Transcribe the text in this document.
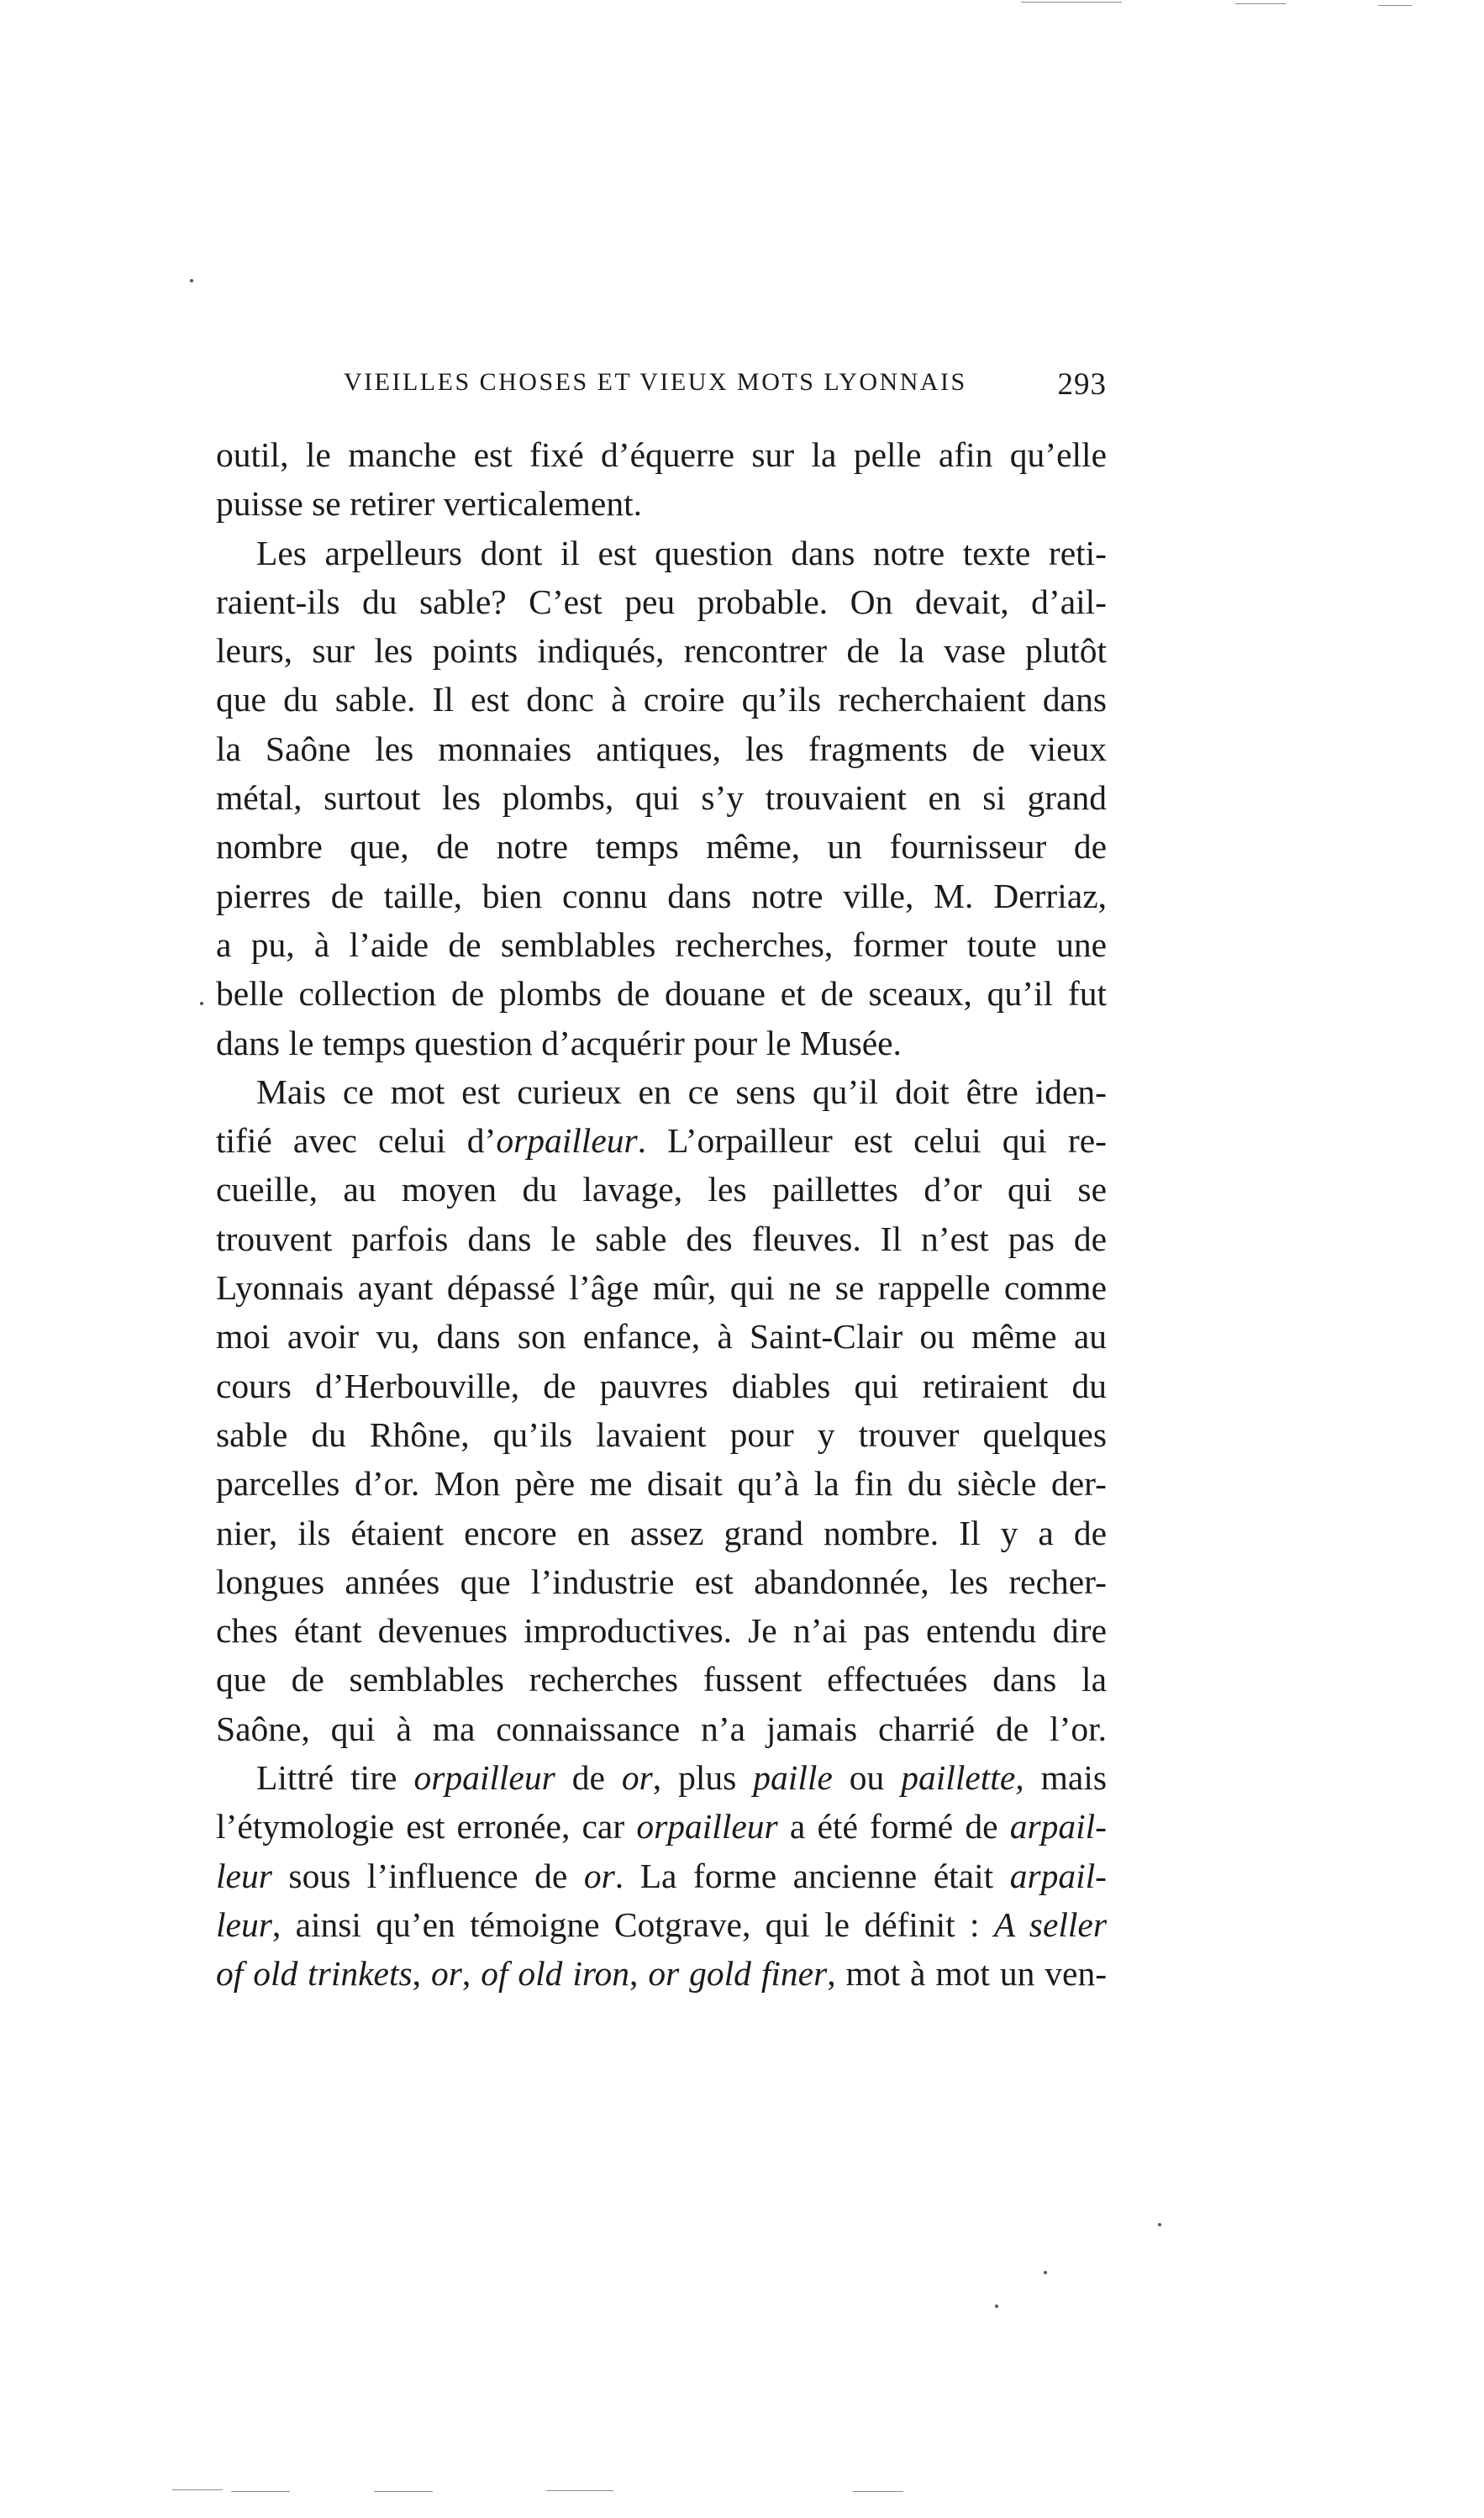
VIEILLES CHOSES ET VIEUX MOTS LYONNAIS	293
outil, le manche est fixé d’équerre sur la pelle afin qu’elle
puisse se retirer verticalement.
Les arpelleurs dont il est question dans notre texte reti-
raient-ils du sable? C’est peu probable. On devait, d’ail-
leurs, sur les points indiqués, rencontrer de la vase plutôt
que du sable. Il est donc à croire qu’ils recherchaient dans
la Saône les monnaies antiques, les fragments de vieux
métal, surtout les plombs, qui s’y trouvaient en si grand
nombre que, de notre temps même, un fournisseur de
pierres de taille, bien connu dans notre ville, M. Derriaz,
a pu, à l’aide de semblables recherches, former toute une
belle collection de plombs de douane et de sceaux, qu’il fut
dans le temps question d’acquérir pour le Musée.
Mais ce mot est curieux en ce sens qu’il doit être iden-
tifié avec celui d’orpailleur. L’orpailleur est celui qui re-
cueille, au moyen du lavage, les paillettes d’or qui se
trouvent parfois dans le sable des fleuves. Il n’est pas de
Lyonnais ayant dépassé l’âge mûr, qui ne se rappelle comme
moi avoir vu, dans son enfance, à Saint-Clair ou même au
cours d’Herbouville, de pauvres diables qui retiraient du
sable du Rhône, qu’ils lavaient pour y trouver quelques
parcelles d’or. Mon père me disait qu’à la fin du siècle der-
nier, ils étaient encore en assez grand nombre. Il y a de
longues années que l’industrie est abandonnée, les recher-
ches étant devenues improductives. Je n’ai pas entendu dire
que de semblables recherches fussent effectuées dans la
Saône, qui à ma connaissance n’a jamais charrié de l’or.
Littré tire orpailleur de or, plus paille ou paillette, mais
l’étymologie est erronée, car orpailleur a été formé de arpail-
leur sous l’influence de or. La forme ancienne était arpail-
leur, ainsi qu’en témoigne Cotgrave, qui le définit : A seller
of old trinkets, or, of old iron, or gold finer, mot à mot un ven-
